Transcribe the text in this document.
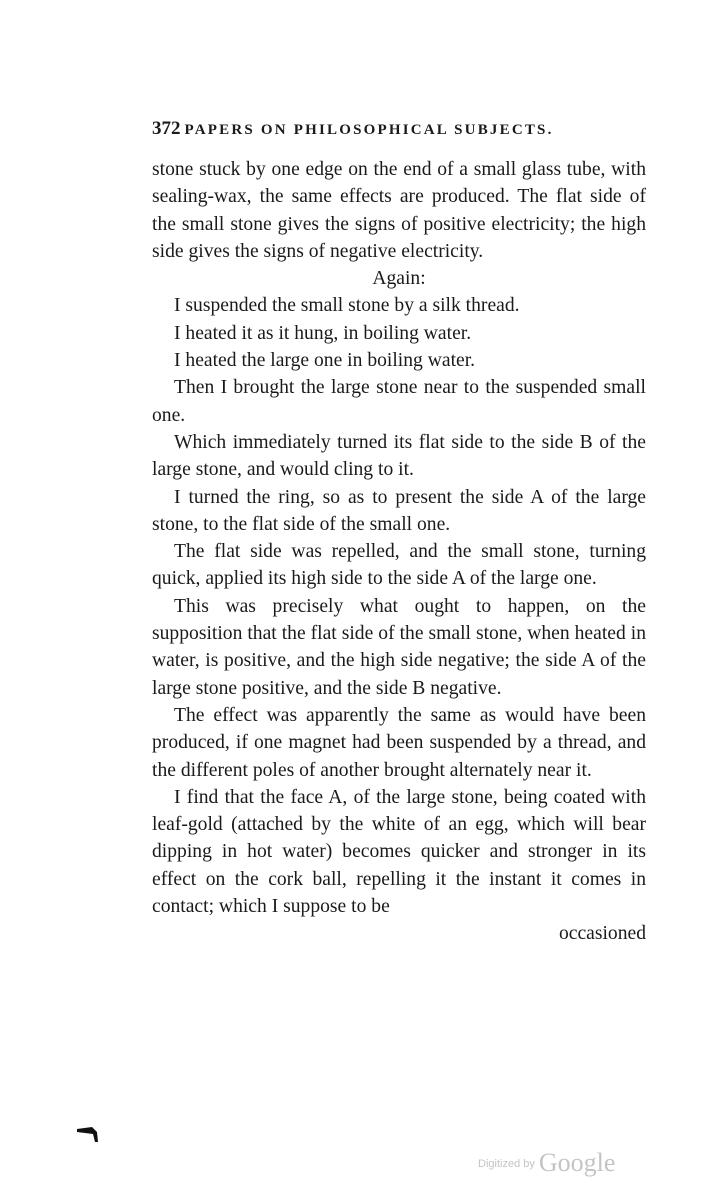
372 PAPERS ON PHILOSOPHICAL SUBJECTS.

stone stuck by one edge on the end of a small glass tube, with sealing-wax, the same effects are produced. The flat side of the small stone gives the signs of positive electricity; the high side gives the signs of negative electricity.

Again:

I suspended the small stone by a silk thread.

I heated it as it hung, in boiling water.

I heated the large one in boiling water.

Then I brought the large stone near to the suspended small one.

Which immediately turned its flat side to the side B of the large stone, and would cling to it.

I turned the ring, so as to present the side A of the large stone, to the flat side of the small one.

The flat side was repelled, and the small stone, turning quick, applied its high side to the side A of the large one.

This was precisely what ought to happen, on the supposition that the flat side of the small stone, when heated in water, is positive, and the high side negative; the side A of the large stone positive, and the side B negative.

The effect was apparently the same as would have been produced, if one magnet had been suspended by a thread, and the different poles of another brought alternately near it.

I find that the face A, of the large stone, being coated with leaf-gold (attached by the white of an egg, which will bear dipping in hot water) becomes quicker and stronger in its effect on the cork ball, repelling it the instant it comes in contact; which I suppose to be

occasioned

$^{Digitized by}$ Google
